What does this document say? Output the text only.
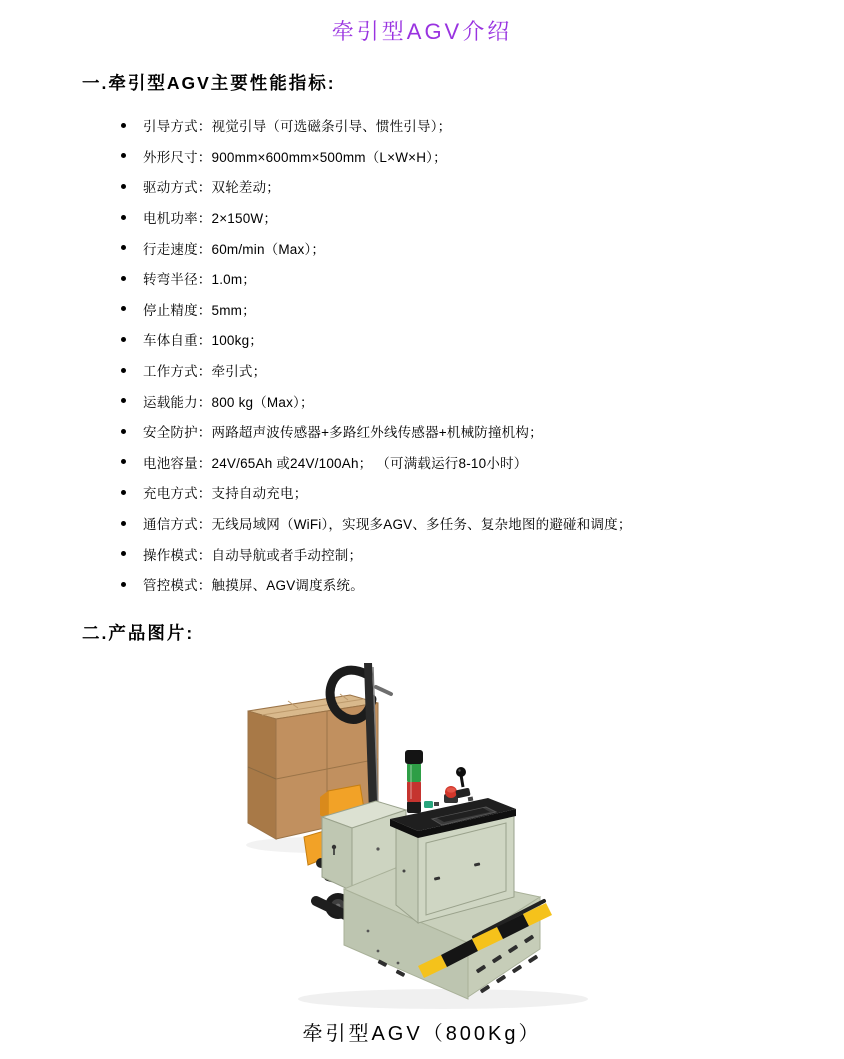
牵引型AGV介绍
一.牵引型AGV主要性能指标:
引导方式：视觉引导（可选磁条引导、惯性引导）；
外形尺寸：900mm×600mm×500mm（L×W×H）；
驱动方式：双轮差动；
电机功率：2×150W；
行走速度：60m/min（Max）；
转弯半径：1.0m；
停止精度：5mm；
车体自重：100kg；
工作方式：牵引式；
运载能力：800 kg（Max）；
安全防护：两路超声波传感器+多路红外线传感器+机械防撞机构；
电池容量：24V/65Ah 或24V/100Ah； （可满载运行8-10小时）
充电方式：支持自动充电；
通信方式：无线局域网（WiFi），实现多AGV、多任务、复杂地图的避碰和调度；
操作模式：自动导航或者手动控制；
管控模式：触摸屏、AGV调度系统。
二.产品图片:
牵引型AGV（800Kg）
